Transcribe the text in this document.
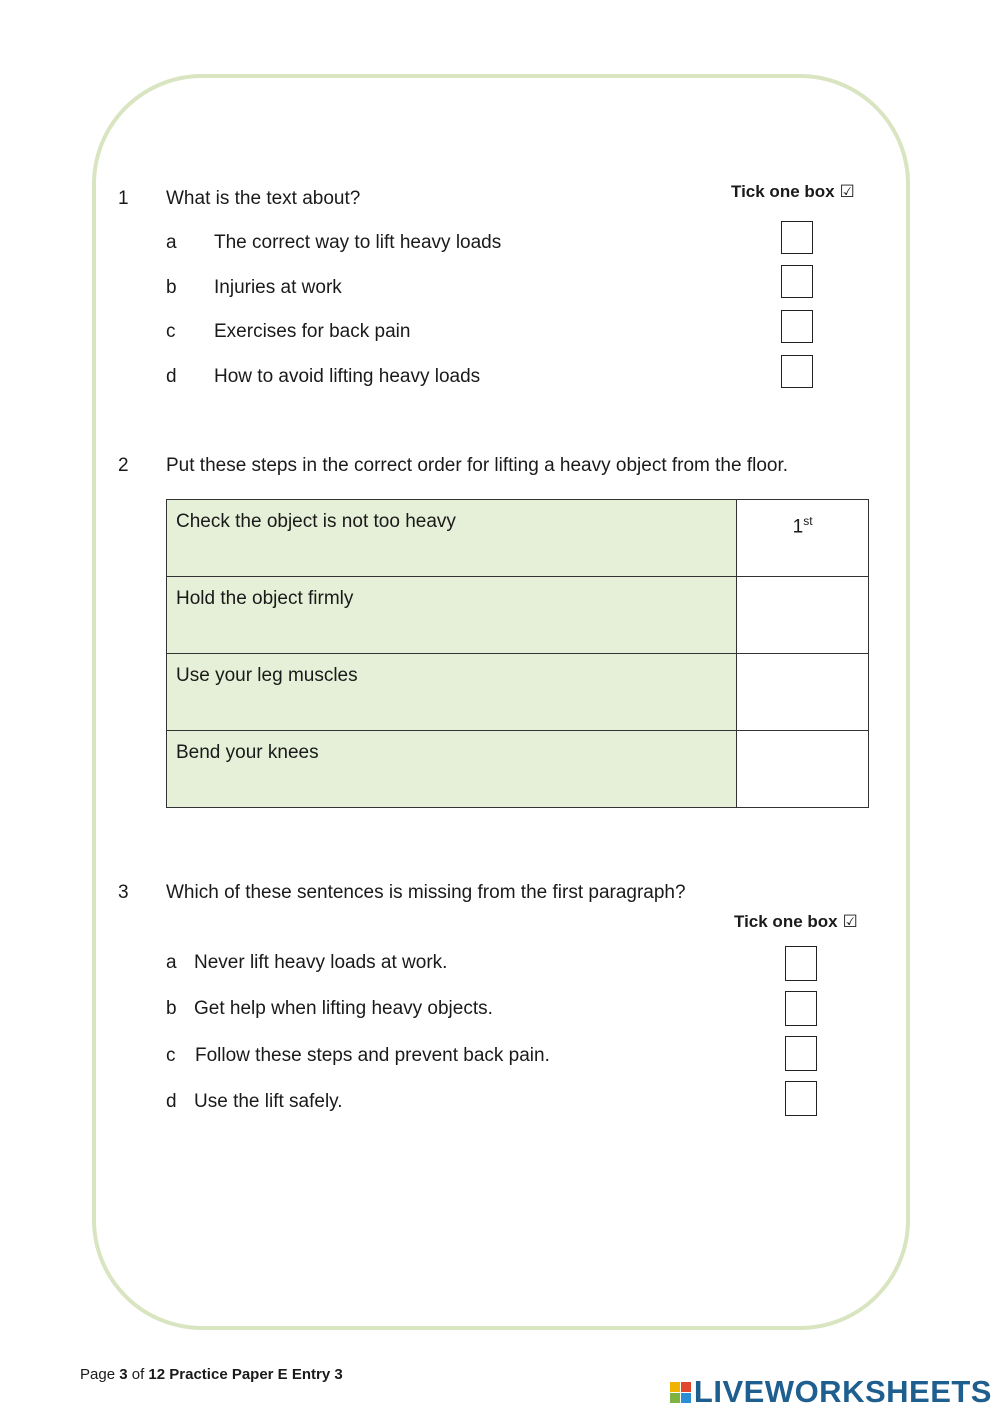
1 What is the text about?	Tick one box ☑
a The correct way to lift heavy loads
b Injuries at work
c Exercises for back pain
d How to avoid lifting heavy loads
2 Put these steps in the correct order for lifting a heavy object from the floor.
Check the object is not too heavy	1st
Hold the object firmly	
Use your leg muscles	
Bend your knees	
3 Which of these sentences is missing from the first paragraph?
Tick one box ☑
a Never lift heavy loads at work.
b Get help when lifting heavy objects.
c Follow these steps and prevent back pain.
d Use the lift safely.
Page 3 of 12 Practice Paper E Entry 3	LIVEWORKSHEETS
